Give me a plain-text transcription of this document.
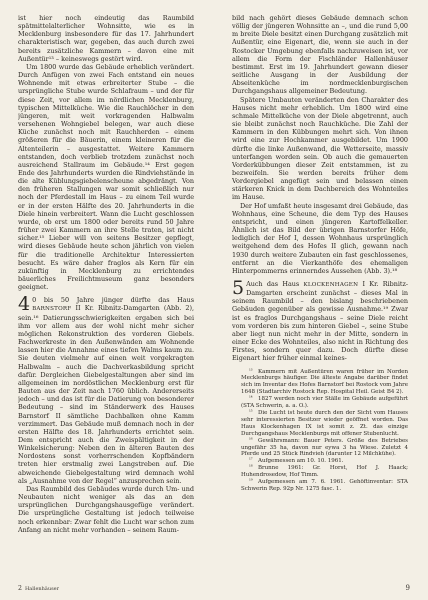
ist hier noch eindeutig das Raumbild spätmittelalterlicher Wohnsitte, wie es in Mecklenburg insbesondere für das 17. Jahrhundert charakteristisch war, gegeben, das auch durch zwei bereits zusätzliche Kammern – davon eine mit Außentür¹³ – keineswegs gestört wird.

Um 1800 wurde das Gebäude erheblich verändert. Durch Anfügen von zwei Fach entstand ein neues Wohnende mit etwas erbreiterter Stube – die ursprüngliche Stube wurde Schlafraum – und der für diese Zeit, vor allem im nördlichen Mecklenburg, typischen Mittelküche. Wie die Rauchlöcher in den jüngeren, mit weit vorkragenden Halbwalm versehenen Wohngiebel belegen, war auch diese Küche zunächst noch mit Rauchherden – einem größeren für die Bäuerin, einem kleineren für die Altenteilerin – ausgestattet. Weitere Kammern entstanden, doch verblieb trotzdem zunächst noch ausreichend Stallraum im Gebäude.¹⁴ Erst gegen Ende des Jahrhunderts wurden die Rindviehstände in die alte Küblungsgiebelenscheune abgedrängt. Von den früheren Stallungen war somit schließlich nur noch der Pferdestall im Haus – zu einem Teil wurde er in der ersten Hälfte des 20. Jahrhunderts in die Diele hinein verbreitert. Wann die Lucht geschlossen wurde, ob erst um 1800 oder bereits rund 50 Jahre früher zwei Kammern an ihre Stelle traten, ist nicht sicher.¹⁵ Lieber will von seitens Besitzer gepflegt, wird dieses Gebäude heute schon jährlich von vielen für die traditionelle Architektur Interessierten besucht. Es wäre daher fraglos als Kern für ein zukünftig in Mecklenburg zu errichtendes bäuerliches Freilichtmuseum ganz besonders geeignet.

4 0 bis 50 Jahre jünger dürfte das Haus BARNSTORF II Kr. Ribnitz-Damgarten (Abb. 2), sein.¹⁶ Datierungsschwierigkeiten ergaben sich bei ihm vor allem aus der wohl nicht mehr sicher möglichen Rekonstruktion des vorderen Giebels. Fachwerkreste in den Außenwänden am Wohnende lassen hier die Annahme eines tiefen Walms kaum zu. Sie deuten vielmehr auf einen weit vorgekragten Halbwalm – auch die Dachverkasbildung spricht dafür. Dergleichen Giebelgestaltungen aber sind im allgemeinen im nordöstlichen Mecklenburg erst für Bauten aus der Zeit nach 1760 üblich. Andererseits jedoch – und das ist für die Datierung von besonderer Bedeutung – sind im Ständerwerk des Hauses Barnstorf II sämtliche Dachbalken ohne Kamm verzimmert. Das Gebäude muß demnach noch in der ersten Hälfte des 18. Jahrhunderts errichtet sein. Dem entspricht auch die Zweispältigkeit in der Winkelsicherung: Neben den in älteren Bauten des Nordostens sonst vorherrschenden Kopfbändern treten hier erstmalig zwei Langstreben auf. Die abweichende Giebelgestaltung wird demnach wohl als „Ausnahme von der Regel“ anzusprechen sein.

Das Raumbild des Gebäudes wurde durch Um- und Neubauten nicht weniger als das an den ursprünglichen Durchgangshausgefüge verändert. Die ursprüngliche Gestaltung ist jedoch teilweise noch erkennbar: Zwar fehlt die Lucht war schon zum Anfang an nicht mehr vorhanden – seinem Raum-

bild nach gehört dieses Gebäude demnach schon völlig der jüngeren Wohnsitte an –, und die rund 5,00 m breite Diele besitzt einen Durchgang zusätzlich mit Außentür, eine Eigenart, die, wenn sie auch in der Rostocker Umgebung ebenfalls nachzuweisen ist, vor allem die Form der Fischländer Hallenhäuser bestimmt. Erst im 19. Jahrhundert gewann dieser seitliche Ausgang in der Ausbildung der Abseitenküche im nordmecklenburgischen Durchgangshaus allgemeiner Bedeutung.

Spätere Umbauten veränderten den Charakter des Hauses nicht mehr erheblich. Um 1800 wird eine schmale Mittelküche von der Diele abgetrennt, auch sie bleibt zunächst noch Rauchküche. Die Zahl der Kammern in den Kübbungen mehrt sich. Von ihnen wird eine zur Hochkammer ausgebildet. Um 1900 dürfte die linke Außenwand, die Wetterseite, massiv unterfangen worden sein. Ob auch die gemauerten Vorderkübbungen dieser Zeit entstammen, ist zu bezweifeln. Sie werden bereits früher dem Vordergiebel angefügt sein und belassen einen stärkeren Knick in dem Dachbereich des Wohnteiles im Hause.

Der Hof umfaßt heute insgesamt drei Gebäude, das Wohnhaus, eine Scheune, die dem Typ des Hauses entspricht, und einen jüngeren Kartoffelkeller. Ähnlich ist das Bild der übrigen Barnstorfer Höfe, lediglich der Hof I, dessen Wohnhaus ursprünglich weitgehend dem des Hofes II glich, gewann nach 1930 durch weitere Zubauten ein fast geschlossenes, entfernt an die Vierkanthöfe des ehemaligen Hinterpommerns erinnerndes Aussehen (Abb. 3).¹⁸

5 Auch das Haus KLOCKENHAGEN I Kr. Ribnitz-Damgarten erscheint zunächst – dieses Mal in seinem Raumbild – den bislang beschriebenen Gebäuden gegenüber als gewisse Ausnahme.¹⁹ Zwar ist es fraglos Durchgangshaus – seine Diele reicht vom vorderen bis zum hinteren Giebel –, seine Stube aber liegt nun nicht mehr in der Mitte, sondern in einer Ecke des Wohnteiles, also nicht in Richtung des Firstes, sondern quer dazu. Doch dürfte diese Eigenart hier früher einmal keines-

¹³ Kammern mit Außentüren waren früher im Norden Mecklenburgs häufiger. Die älteste Angabe darüber findet sich im Inventar des Hofes Barnstorf bei Rostock vom Jahre 1648 (Stadtarchiv Rostock Rep. Hospital Heil. Geist B4 2).

¹⁴ 1827 werden noch vier Ställe im Gebäude aufgeführt (STA Schwerin, a. a. O.).

¹⁵ Die Lucht ist heute durch den der Sicht vom Hauses sehr interessierten Besitzer wieder geöffnet worden. Das Haus Klockenhagen IX ist somit z. Zt. das einzige Durchgangshaus Mecklenburgs mit offener Stubenlucht.

¹⁶ Gewährsmann: Bauer Peters. Größe des Betriebes ungefähr 35 ha, davon nur eywa 3 ha Wiese. Zuletzt 4 Pferde und 25 Stück Rindvieh (darunter 12 Milchkühe).

¹⁷ Aufgemessen am 10. 10. 1961.

¹⁸ Brunne 1961: Gr. Horst, Hof J. Haack; Huhendrosedow, Hof Timm.

¹⁹ Aufgemessen am 7. 6. 1961. Gehöftinventar: STA Schwerin Rep. 92p Nr. 1275 fasc. 1.

2 Hallenhäuser	9
